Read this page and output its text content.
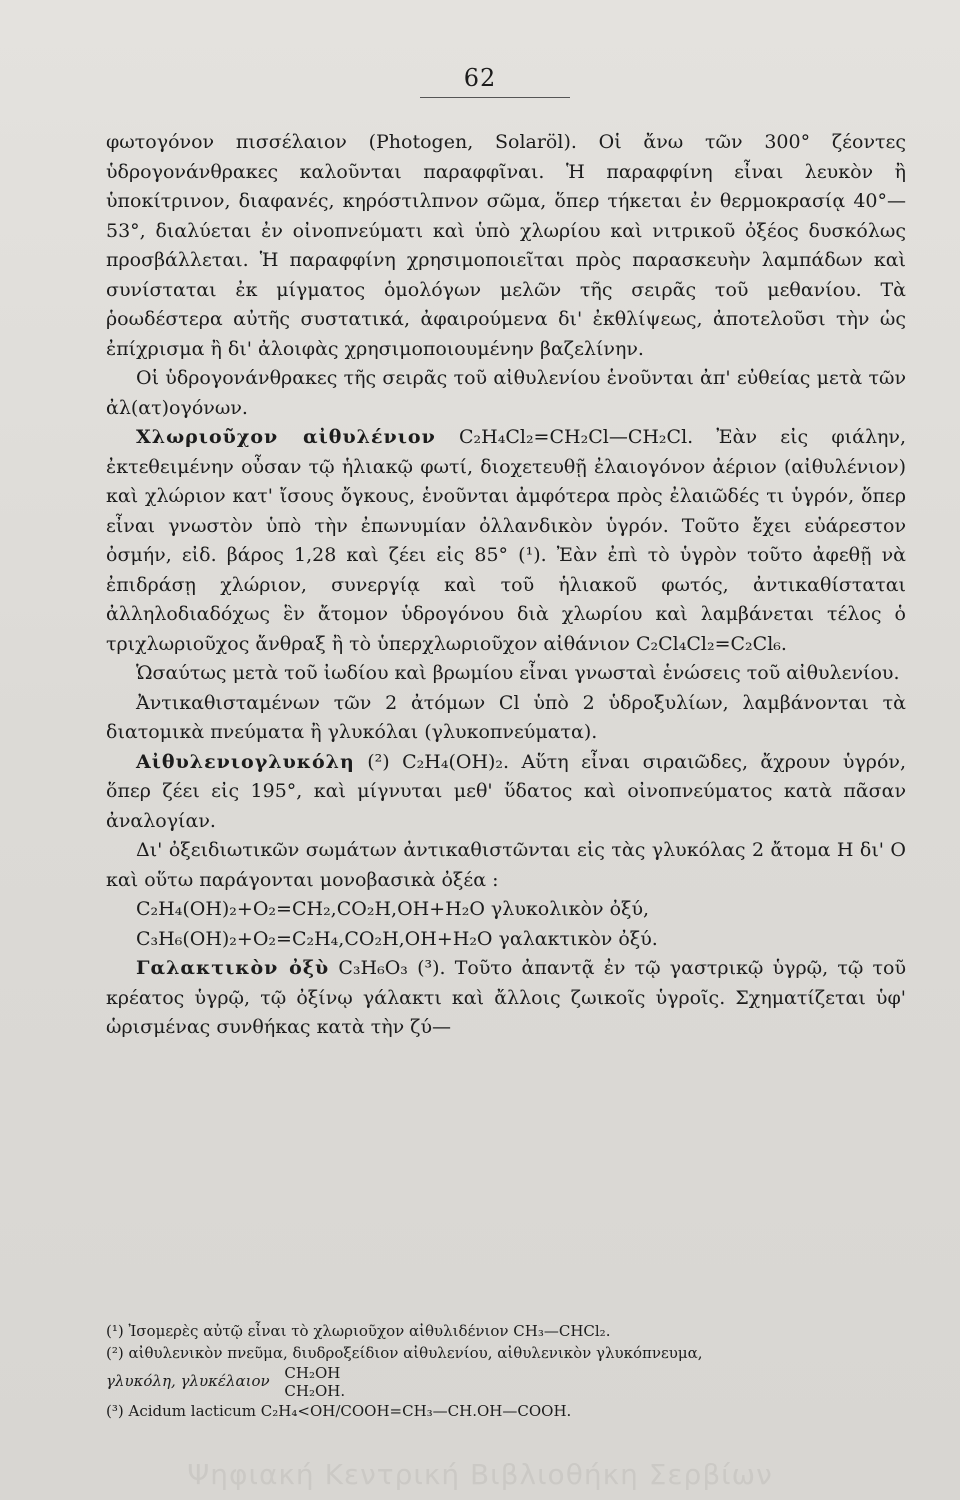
62

φωτογόνον πισσέλαιον (Photogen, Solaröl). Οἱ ἄνω τῶν 300° ζέοντες ὑδρογονάνθρακες καλοῦνται παραφφῖναι. Ἡ παραφφίνη εἶναι λευκὸν ἢ ὑποκίτρινον, διαφανές, κηρόστιλπνον σῶμα, ὅπερ τήκεται ἐν θερμοκρασίᾳ 40°—53°, διαλύεται ἐν οἰνοπνεύματι καὶ ὑπὸ χλωρίου καὶ νιτρικοῦ ὀξέος δυσκόλως προσβάλλεται. Ἡ παραφφίνη χρησιμοποιεῖται πρὸς παρασκευὴν λαμπάδων καὶ συνίσταται ἐκ μίγματος ὁμολόγων μελῶν τῆς σειρᾶς τοῦ μεθανίου. Τὰ ῥοωδέστερα αὐτῆς συστατικά, ἀφαιρούμενα δι' ἐκθλίψεως, ἀποτελοῦσι τὴν ὡς ἐπίχρισμα ἢ δι' ἀλοιφὰς χρησιμοποιουμένην βαζελίνην.

Οἱ ὑδρογονάνθρακες τῆς σειρᾶς τοῦ αἰθυλενίου ἑνοῦνται ἀπ' εὐθείας μετὰ τῶν ἀλ(ατ)ογόνων.

Χλωριοῦχον αἰθυλένιον C₂H₄Cl₂=CH₂Cl—CH₂Cl. Ἐὰν εἰς φιάλην, ἐκτεθειμένην οὖσαν τῷ ἡλιακῷ φωτί, διοχετευθῇ ἐλαιογόνον ἀέριον (αἰθυλένιον) καὶ χλώριον κατ' ἴσους ὄγκους, ἑνοῦνται ἀμφότερα πρὸς ἐλαιῶδές τι ὑγρόν, ὅπερ εἶναι γνωστὸν ὑπὸ τὴν ἐπωνυμίαν ὀλλανδικὸν ὑγρόν. Τοῦτο ἔχει εὐάρεστον ὀσμήν, εἰδ. βάρος 1,28 καὶ ζέει εἰς 85° (¹). Ἐὰν ἐπὶ τὸ ὑγρὸν τοῦτο ἀφεθῇ νὰ ἐπιδράσῃ χλώριον, συνεργίᾳ καὶ τοῦ ἡλιακοῦ φωτός, ἀντικαθίσταται ἀλληλοδιαδόχως ἓν ἄτομον ὑδρογόνου διὰ χλωρίου καὶ λαμβάνεται τέλος ὁ τριχλωριοῦχος ἄνθραξ ἢ τὸ ὑπερχλωριοῦχον αἰθάνιον C₂Cl₄Cl₂=C₂Cl₆.

Ὡσαύτως μετὰ τοῦ ἰωδίου καὶ βρωμίου εἶναι γνωσταὶ ἑνώσεις τοῦ αἰθυλενίου.

Ἀντικαθισταμένων τῶν 2 ἀτόμων Cl ὑπὸ 2 ὑδροξυλίων, λαμβάνονται τὰ διατομικὰ πνεύματα ἢ γλυκόλαι (γλυκοπνεύματα).

Αἰθυλενιογλυκόλη (²) C₂H₄(OH)₂. Αὕτη εἶναι σιραιῶδες, ἄχρουν ὑγρόν, ὅπερ ζέει εἰς 195°, καὶ μίγνυται μεθ' ὕδατος καὶ οἰνοπνεύματος κατὰ πᾶσαν ἀναλογίαν.

Δι' ὀξειδιωτικῶν σωμάτων ἀντικαθιστῶνται εἰς τὰς γλυκόλας 2 ἄτομα Η δι' Ο καὶ οὕτω παράγονται μονοβασικὰ ὀξέα :

C₂H₄(OH)₂+O₂=CH₂,CO₂H,OH+H₂O γλυκολικὸν ὀξύ,

C₃H₆(OH)₂+O₂=C₂H₄,CO₂H,OH+H₂O γαλακτικὸν ὀξύ.

Γαλακτικὸν ὀξὺ C₃H₆O₃ (³). Τοῦτο ἀπαντᾷ ἐν τῷ γαστρικῷ ὑγρῷ, τῷ τοῦ κρέατος ὑγρῷ, τῷ ὀξίνῳ γάλακτι καὶ ἄλλοις ζωικοῖς ὑγροῖς. Σχηματίζεται ὑφ' ὡρισμένας συνθήκας κατὰ τὴν ζύ—

(¹) Ἰσομερὲς αὐτῷ εἶναι τὸ χλωριοῦχον αἰθυλιδένιον CH₃—CHCl₂.

(²) αἰθυλενικὸν πνεῦμα, διυδροξείδιον αἰθυλενίου, αἰθυλενικὸν γλυκόπνευμα,

γλυκόλη, γλυκέλαιον CH₂OH
CH₂OH.

(³) Acidum lacticum C₂H₄<OH/COOH=CH₃—CH.OH—COOH.

Ψηφιακή Κεντρική Βιβλιοθήκη Σερβίων
